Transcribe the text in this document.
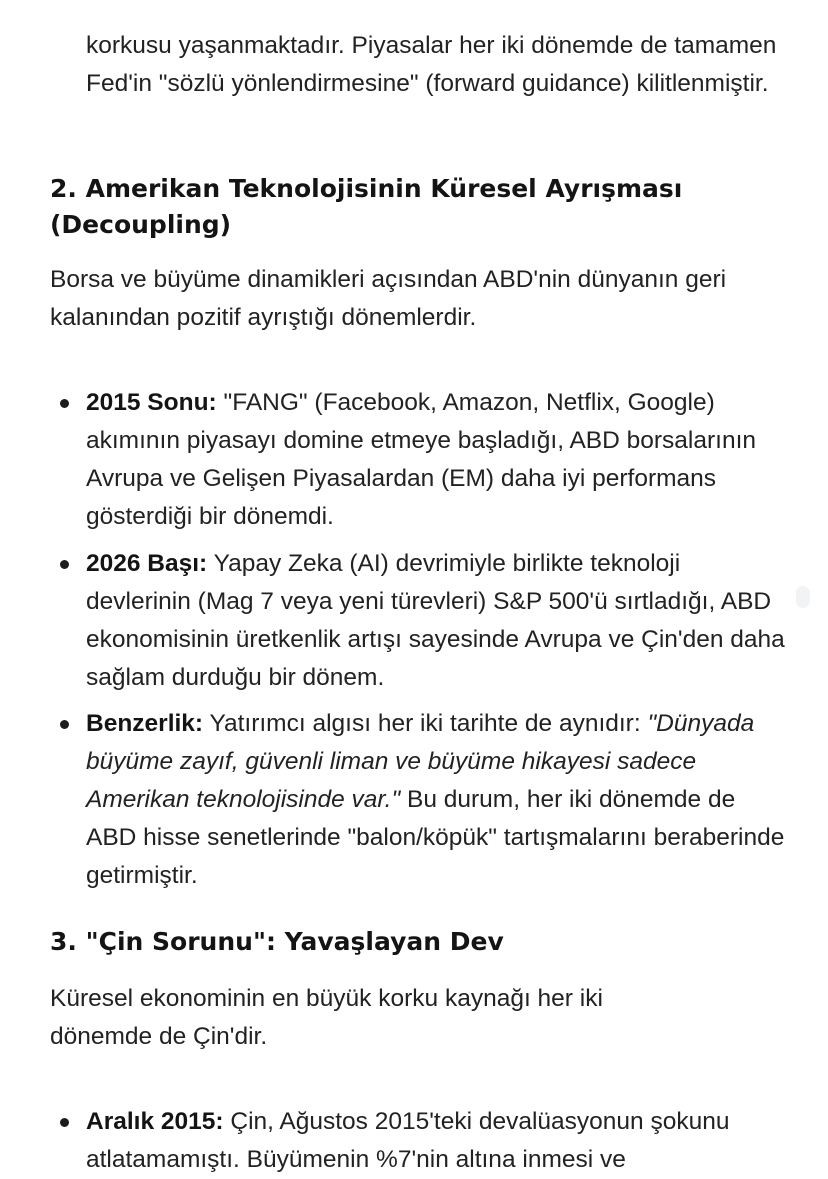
korkusu yaşanmaktadır. Piyasalar her iki dönemde de tamamen Fed'in "sözlü yönlendirmesine" (forward guidance) kilitlenmiştir.

2. Amerikan Teknolojisinin Küresel Ayrışması (Decoupling)

Borsa ve büyüme dinamikleri açısından ABD'nin dünyanın geri kalanından pozitif ayrıştığı dönemlerdir.

2015 Sonu: "FANG" (Facebook, Amazon, Netflix, Google) akımının piyasayı domine etmeye başladığı, ABD borsalarının Avrupa ve Gelişen Piyasalardan (EM) daha iyi performans gösterdiği bir dönemdi.

2026 Başı: Yapay Zeka (AI) devrimiyle birlikte teknoloji devlerinin (Mag 7 veya yeni türevleri) S&P 500'ü sırtladığı, ABD ekonomisinin üretkenlik artışı sayesinde Avrupa ve Çin'den daha sağlam durduğu bir dönem.

Benzerlik: Yatırımcı algısı her iki tarihte de aynıdır: "Dünyada büyüme zayıf, güvenli liman ve büyüme hikayesi sadece Amerikan teknolojisinde var." Bu durum, her iki dönemde de ABD hisse senetlerinde "balon/köpük" tartışmalarını beraberinde getirmiştir.

3. "Çin Sorunu": Yavaşlayan Dev

Küresel ekonominin en büyük korku kaynağı her iki dönemde de Çin'dir.

Aralık 2015: Çin, Ağustos 2015'teki devalüasyonun şokunu atlatamamıştı. Büyümenin %7'nin altına inmesi ve
